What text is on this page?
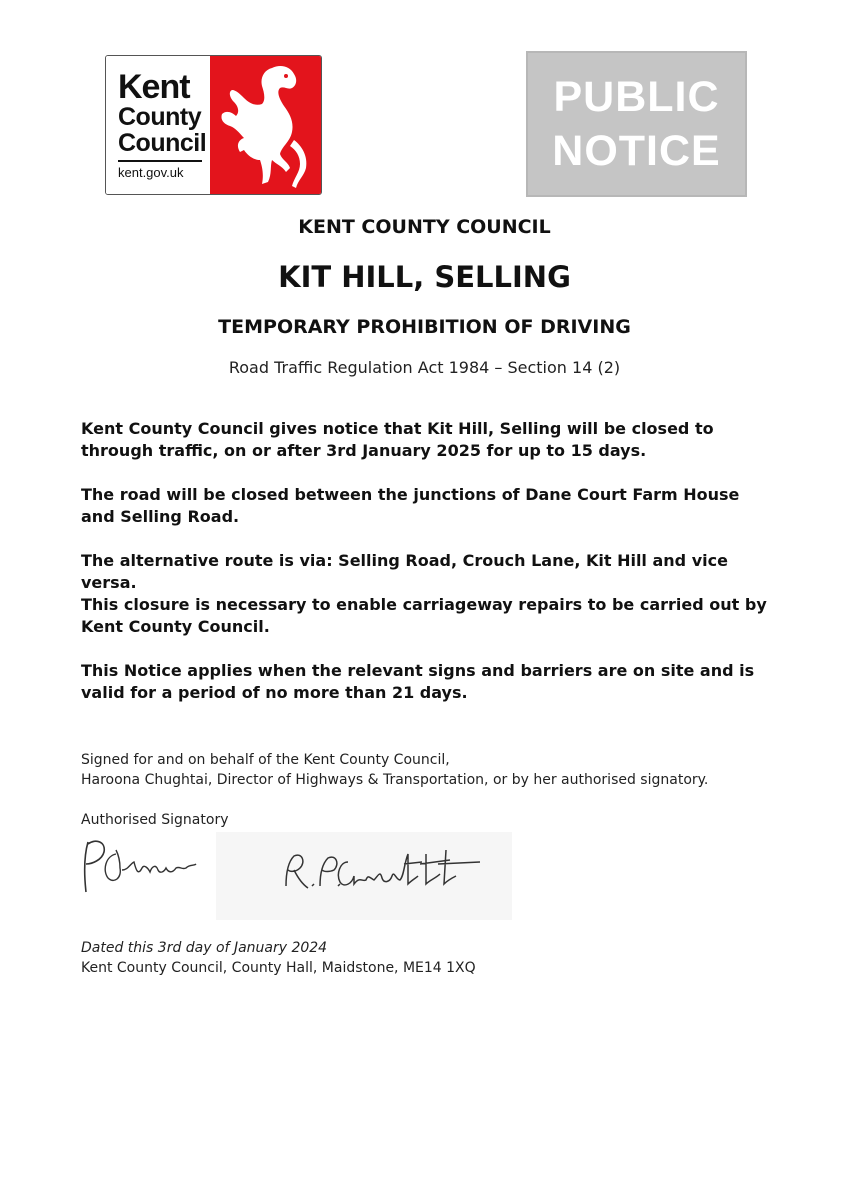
Kent
County
Council
kent.gov.uk
PUBLIC
NOTICE
KENT COUNTY COUNCIL
KIT HILL, SELLING
TEMPORARY PROHIBITION OF DRIVING
Road Traffic Regulation Act 1984 – Section 14 (2)

Kent County Council gives notice that Kit Hill, Selling will be closed to through traffic, on or after 3rd January 2025 for up to 15 days.

The road will be closed between the junctions of Dane Court Farm House and Selling Road.

The alternative route is via: Selling Road, Crouch Lane, Kit Hill and vice versa.

This closure is necessary to enable carriageway repairs to be carried out by Kent County Council.

This Notice applies when the relevant signs and barriers are on site and is valid for a period of no more than 21 days.

Signed for and on behalf of the Kent County Council,

Haroona Chughtai, Director of Highways & Transportation, or by her authorised signatory.

Authorised Signatory

Dated this 3rd day of January 2024

Kent County Council, County Hall, Maidstone, ME14 1XQ
